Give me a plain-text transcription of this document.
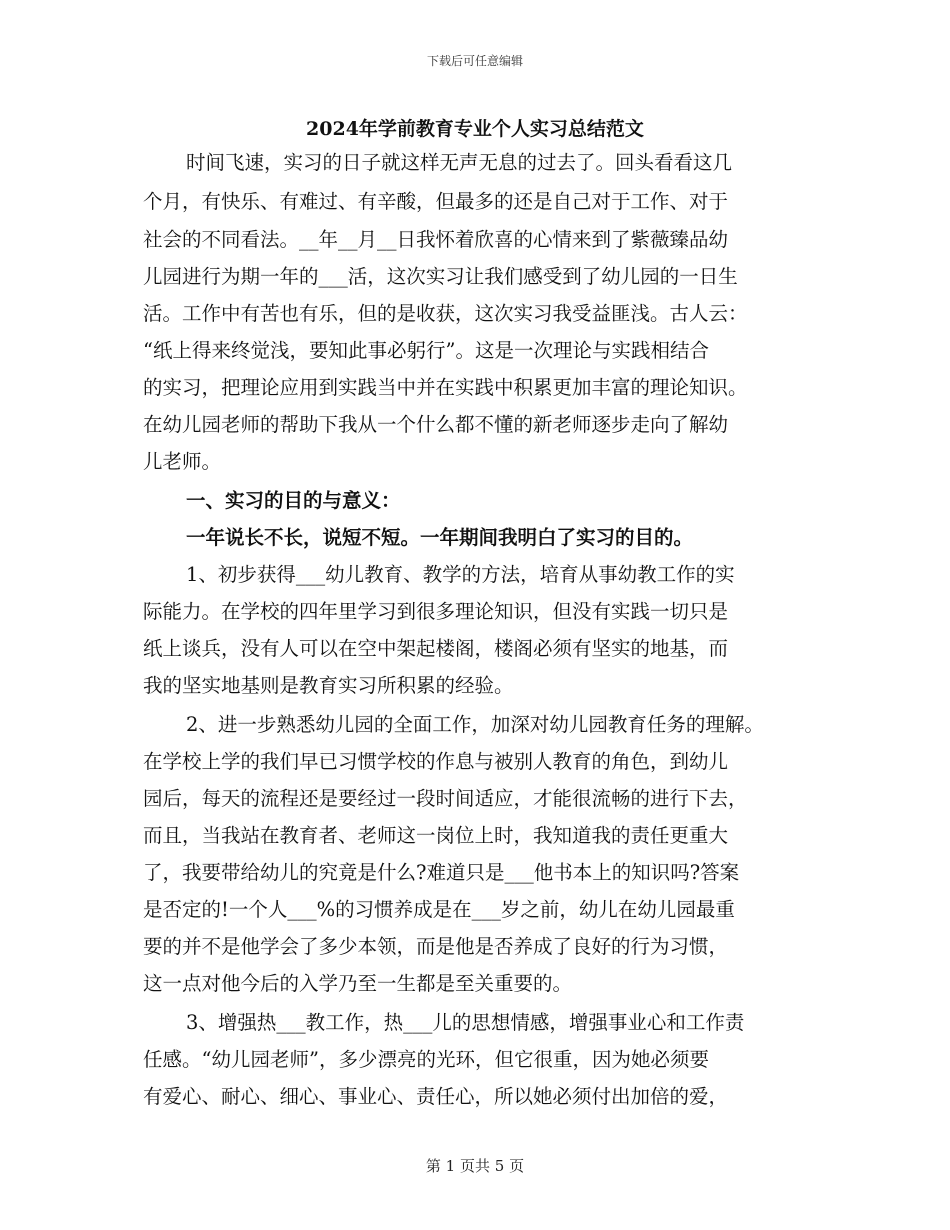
下载后可任意编辑
2024年学前教育专业个人实习总结范文
时间飞速，实习的日子就这样无声无息的过去了。回头看看这几
个月，有快乐、有难过、有辛酸，但最多的还是自己对于工作、对于
社会的不同看法。__年__月__日我怀着欣喜的心情来到了紫薇臻品幼
儿园进行为期一年的___活，这次实习让我们感受到了幼儿园的一日生
活。工作中有苦也有乐，但的是收获，这次实习我受益匪浅。古人云：
“纸上得来终觉浅，要知此事必躬行”。这是一次理论与实践相结合
的实习，把理论应用到实践当中并在实践中积累更加丰富的理论知识。
在幼儿园老师的帮助下我从一个什么都不懂的新老师逐步走向了解幼
儿老师。
一、实习的目的与意义：
一年说长不长，说短不短。一年期间我明白了实习的目的。
1、初步获得___幼儿教育、教学的方法，培育从事幼教工作的实
际能力。在学校的四年里学习到很多理论知识，但没有实践一切只是
纸上谈兵，没有人可以在空中架起楼阁，楼阁必须有坚实的地基，而
我的坚实地基则是教育实习所积累的经验。
2、进一步熟悉幼儿园的全面工作，加深对幼儿园教育任务的理解。
在学校上学的我们早已习惯学校的作息与被别人教育的角色，到幼儿
园后，每天的流程还是要经过一段时间适应，才能很流畅的进行下去，
而且，当我站在教育者、老师这一岗位上时，我知道我的责任更重大
了，我要带给幼儿的究竟是什么?难道只是___他书本上的知识吗?答案
是否定的!一个人___%的习惯养成是在___岁之前，幼儿在幼儿园最重
要的并不是他学会了多少本领，而是他是否养成了良好的行为习惯，
这一点对他今后的入学乃至一生都是至关重要的。
3、增强热___教工作，热___儿的思想情感，增强事业心和工作责
任感。“幼儿园老师”，多少漂亮的光环，但它很重，因为她必须要
有爱心、耐心、细心、事业心、责任心，所以她必须付出加倍的爱，
第 1 页共 5 页
